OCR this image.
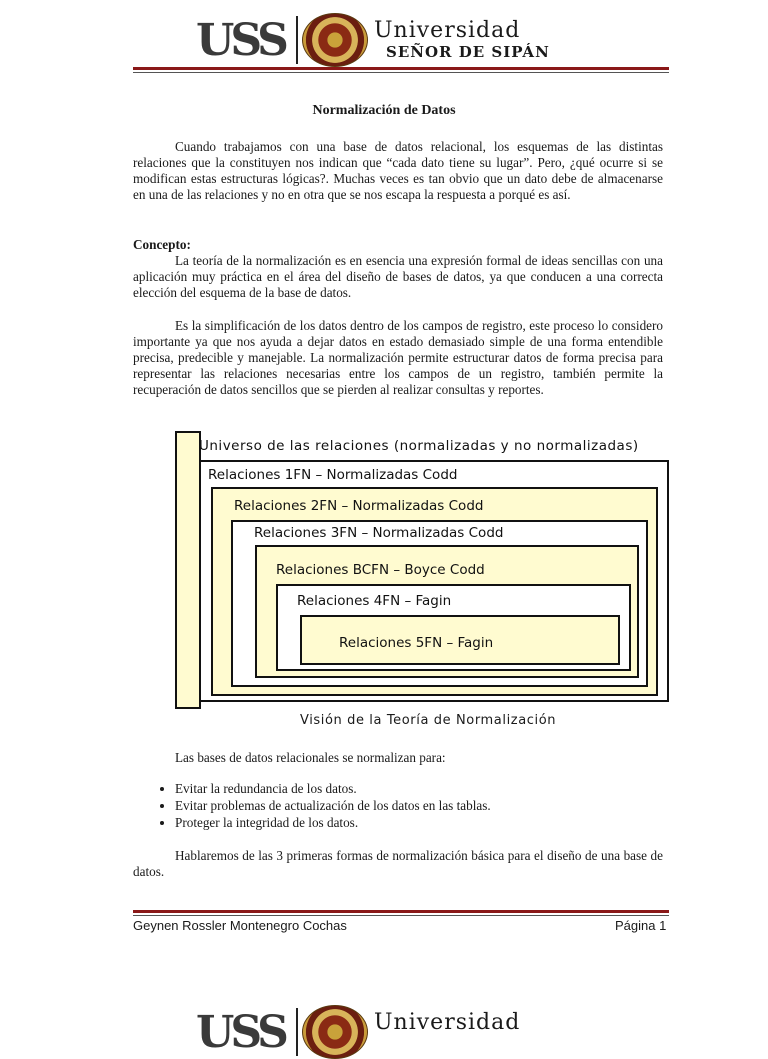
USS	Universidad
SEÑOR DE SIPÁN
Normalización de Datos

Cuando trabajamos con una base de datos relacional, los esquemas de las distintas relaciones que la constituyen nos indican que “cada dato tiene su lugar”. Pero, ¿qué ocurre si se modifican estas estructuras lógicas?. Muchas veces es tan obvio que un dato debe de almacenarse en una de las relaciones y no en otra que se nos escapa la respuesta a porqué es así.

Concepto:

La teoría de la normalización es en esencia una expresión formal de ideas sencillas con una aplicación muy práctica en el área del diseño de bases de datos, ya que conducen a una correcta elección del esquema de la base de datos.

Es la simplificación de los datos dentro de los campos de registro, este proceso lo considero importante ya que nos ayuda a dejar datos en estado demasiado simple de una forma entendible precisa, predecible y manejable. La normalización permite estructurar datos de forma precisa para representar las relaciones necesarias entre los campos de un registro, también permite la recuperación de datos sencillos que se pierden al realizar consultas y reportes.

Universo de las relaciones (normalizadas y no normalizadas)
Relaciones 1FN – Normalizadas Codd
Relaciones 2FN – Normalizadas Codd
Relaciones 3FN – Normalizadas Codd
Relaciones BCFN – Boyce Codd
Relaciones 4FN – Fagin
Relaciones 5FN – Fagin
Visión de la Teoría de Normalización

Las bases de datos relacionales se normalizan para:

• Evitar la redundancia de los datos.
• Evitar problemas de actualización de los datos en las tablas.
• Proteger la integridad de los datos.

Hablaremos de las 3 primeras formas de normalización básica para el diseño de una base de datos.

Geynen Rossler Montenegro Cochas	Página 1
USS	Universidad
